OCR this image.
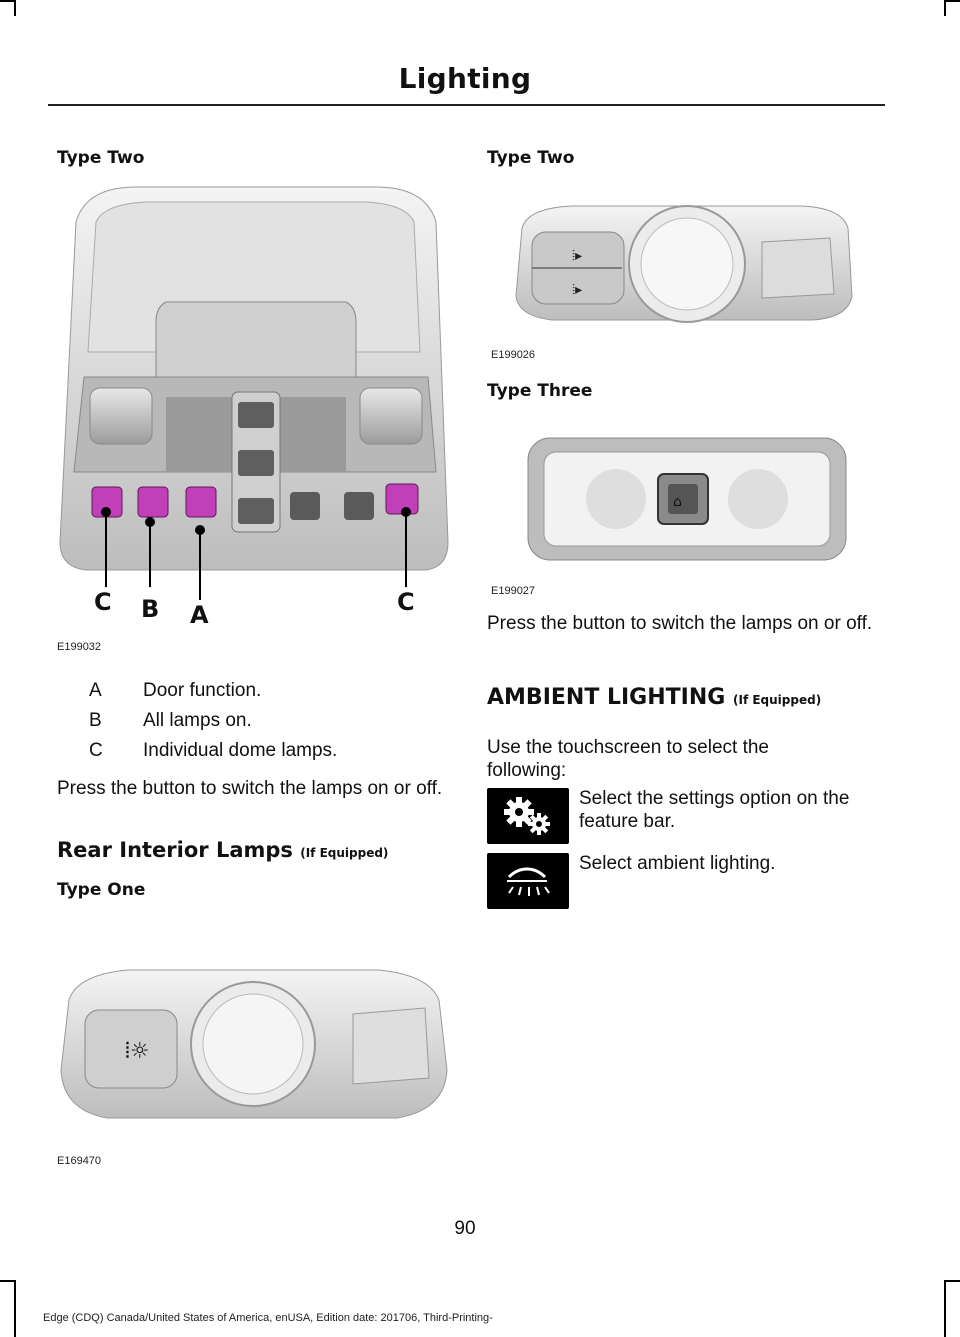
Lighting
Type Two
C B A	C
E199032
A Door function.
B All lamps on.
C Individual dome lamps.
Press the button to switch the lamps on or off.
Rear Interior Lamps (If Equipped)
Type One
⦙☼
E169470
Type Two
⦙▸
⦙▸
E199026
Type Three
⌂
E199027
Press the button to switch the lamps on or off.
AMBIENT LIGHTING (If Equipped)
Use the touchscreen to select the following:
Select the settings option on the feature bar.
Select ambient lighting.
90
Edge (CDQ) Canada/United States of America, enUSA, Edition date: 201706, Third-Printing-
